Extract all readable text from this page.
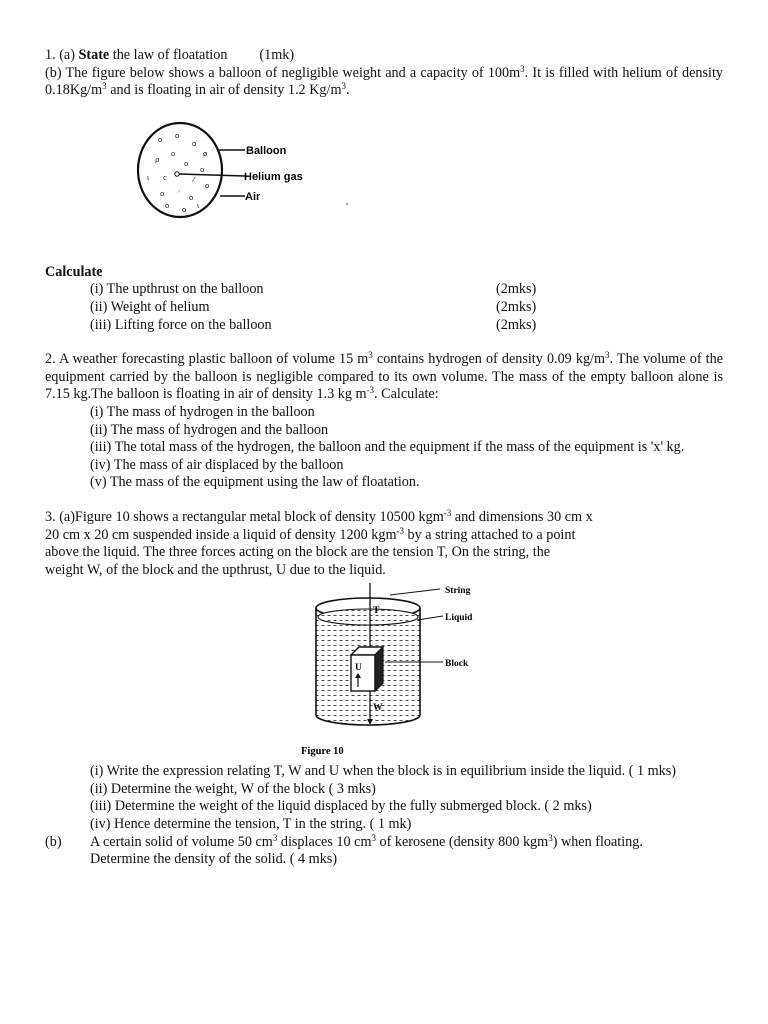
1. (a) State the law of floatation (1mk)
(b) The figure below shows a balloon of negligible weight and a capacity of $100m^3$. It is filled with helium of density $0.18Kg/m^3$ and is floating in air of density 1.2 $Kg/m^3$.
o o
o
ø
ρ
o
o
o
ɩ c	⁄
o
o ⸝
o
o o ɩ
Balloon
Helium gas
Air
Calculate
(i) The upthrust on the balloon	(2mks)
(ii) Weight of helium	(2mks)
(iii) Lifting force on the balloon	(2mks)
2. A weather forecasting plastic balloon of volume 15 $m^3$ contains hydrogen of density 0.09 $kg/m^3$. The volume of the equipment carried by the balloon is negligible compared to its own volume. The mass of the empty balloon alone is 7.15 kg.The balloon is floating in air of density 1.3 kg $m^{-3}$. Calculate:
(i) The mass of hydrogen in the balloon
(ii) The mass of hydrogen and the balloon
(iii) The total mass of the hydrogen, the balloon and the equipment if the mass of the equipment is 'x' kg.
(iv) The mass of air displaced by the balloon
(v) The mass of the equipment using the law of floatation.
3. (a)Figure 10 shows a rectangular metal block of density 10500 kgm$^{-3}$ and dimensions 30 cm x
20 cm x 20 cm suspended inside a liquid of density 1200 kgm$^{-3}$ by a string attached to a point
above the liquid. The three forces acting on the block are the tension T, On the string, the
weight W, of the block and the upthrust, U due to the liquid.
T
U
W
String
Liquid
Block
Figure 10
(i) Write the expression relating T, W and U when the block is in equilibrium inside the liquid. ( 1 mks)
(ii) Determine the weight, W of the block ( 3 mks)
(iii) Determine the weight of the liquid displaced by the fully submerged block. ( 2 mks)
(iv) Hence determine the tension, T in the string. ( 1 mk)
(b)	A certain solid of volume 50 $cm^3$ displaces 10 $cm^3$ of kerosene (density 800 kgm$^3$) when floating.
Determine the density of the solid. ( 4 mks)
